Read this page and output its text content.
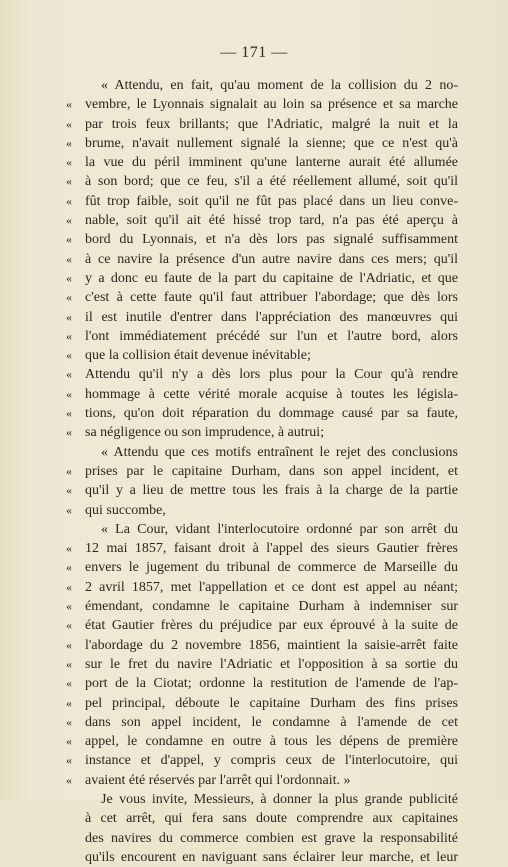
— 171 —
« Attendu, en fait, qu'au moment de la collision du 2 no-
« vembre, le Lyonnais signalait au loin sa présence et sa marche
« par trois feux brillants; que l'Adriatic, malgré la nuit et la
« brume, n'avait nullement signalé la sienne; que ce n'est qu'à
« la vue du péril imminent qu'une lanterne aurait été allumée
« à son bord; que ce feu, s'il a été réellement allumé, soit qu'il
« fût trop faible, soit qu'il ne fût pas placé dans un lieu conve-
« nable, soit qu'il ait été hissé trop tard, n'a pas été aperçu à
« bord du Lyonnais, et n'a dès lors pas signalé suffisamment
« à ce navire la présence d'un autre navire dans ces mers; qu'il
« y a donc eu faute de la part du capitaine de l'Adriatic, et que
« c'est à cette faute qu'il faut attribuer l'abordage; que dès lors
« il est inutile d'entrer dans l'appréciation des manœuvres qui
« l'ont immédiatement précédé sur l'un et l'autre bord, alors
« que la collision était devenue inévitable;
« Attendu qu'il n'y a dès lors plus pour la Cour qu'à rendre
« hommage à cette vérité morale acquise à toutes les législa-
« tions, qu'on doit réparation du dommage causé par sa faute,
« sa négligence ou son imprudence, à autrui;
« Attendu que ces motifs entraînent le rejet des conclusions
« prises par le capitaine Durham, dans son appel incident, et
« qu'il y a lieu de mettre tous les frais à la charge de la partie
« qui succombe,
« La Cour, vidant l'interlocutoire ordonné par son arrêt du
« 12 mai 1857, faisant droit à l'appel des sieurs Gautier frères
« envers le jugement du tribunal de commerce de Marseille du
« 2 avril 1857, met l'appellation et ce dont est appel au néant;
« émendant, condamne le capitaine Durham à indemniser sur
« état Gautier frères du préjudice par eux éprouvé à la suite de
« l'abordage du 2 novembre 1856, maintient la saisie-arrêt faite
« sur le fret du navire l'Adriatic et l'opposition à sa sortie du
« port de la Ciotat; ordonne la restitution de l'amende de l'ap-
« pel principal, déboute le capitaine Durham des fins prises
« dans son appel incident, le condamne à l'amende de cet
« appel, le condamne en outre à tous les dépens de première
« instance et d'appel, y compris ceux de l'interlocutoire, qui
« avaient été réservés par l'arrêt qui l'ordonnait. »
Je vous invite, Messieurs, à donner la plus grande publicité
à cet arrêt, qui fera sans doute comprendre aux capitaines
des navires du commerce combien est grave la responsabilité
qu'ils encourent en naviguant sans éclairer leur marche, et leur
